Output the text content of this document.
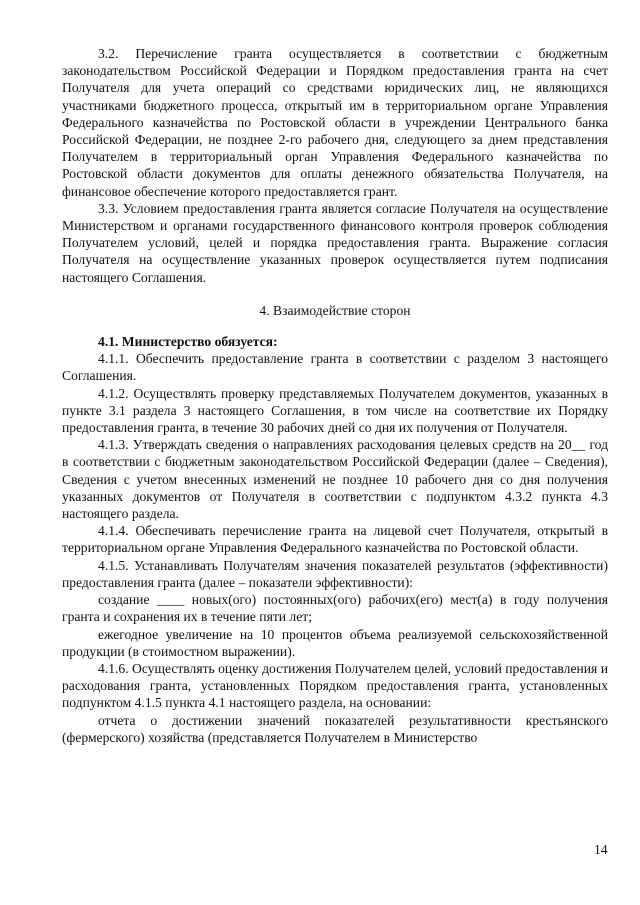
3.2. Перечисление гранта осуществляется в соответствии с бюджетным законодательством Российской Федерации и Порядком предоставления гранта на счет Получателя для учета операций со средствами юридических лиц, не являющихся участниками бюджетного процесса, открытый им в территориальном органе Управления Федерального казначейства по Ростовской области в учреждении Центрального банка Российской Федерации, не позднее 2-го рабочего дня, следующего за днем представления Получателем в территориальный орган Управления Федерального казначейства по Ростовской области документов для оплаты денежного обязательства Получателя, на финансовое обеспечение которого предоставляется грант.

3.3. Условием предоставления гранта является согласие Получателя на осуществление Министерством и органами государственного финансового контроля проверок соблюдения Получателем условий, целей и порядка предоставления гранта. Выражение согласия Получателя на осуществление указанных проверок осуществляется путем подписания настоящего Соглашения.

4. Взаимодействие сторон

4.1. Министерство обязуется:

4.1.1. Обеспечить предоставление гранта в соответствии с разделом 3 настоящего Соглашения.

4.1.2. Осуществлять проверку представляемых Получателем документов, указанных в пункте 3.1 раздела 3 настоящего Соглашения, в том числе на соответствие их Порядку предоставления гранта, в течение 30 рабочих дней со дня их получения от Получателя.

4.1.3. Утверждать сведения о направлениях расходования целевых средств на 20__ год в соответствии с бюджетным законодательством Российской Федерации (далее – Сведения), Сведения с учетом внесенных изменений не позднее 10 рабочего дня со дня получения указанных документов от Получателя в соответствии с подпунктом 4.3.2 пункта 4.3 настоящего раздела.

4.1.4. Обеспечивать перечисление гранта на лицевой счет Получателя, открытый в территориальном органе Управления Федерального казначейства по Ростовской области.

4.1.5. Устанавливать Получателям значения показателей результатов (эффективности) предоставления гранта (далее – показатели эффективности):

создание ____ новых(ого) постоянных(ого) рабочих(его) мест(а) в году получения гранта и сохранения их в течение пяти лет;

ежегодное увеличение на 10 процентов объема реализуемой сельскохозяйственной продукции (в стоимостном выражении).

4.1.6. Осуществлять оценку достижения Получателем целей, условий предоставления и расходования гранта, установленных Порядком предоставления гранта, установленных подпунктом 4.1.5 пункта 4.1 настоящего раздела, на основании:

отчета о достижении значений показателей результативности крестьянского (фермерского) хозяйства (представляется Получателем в Министерство

14
